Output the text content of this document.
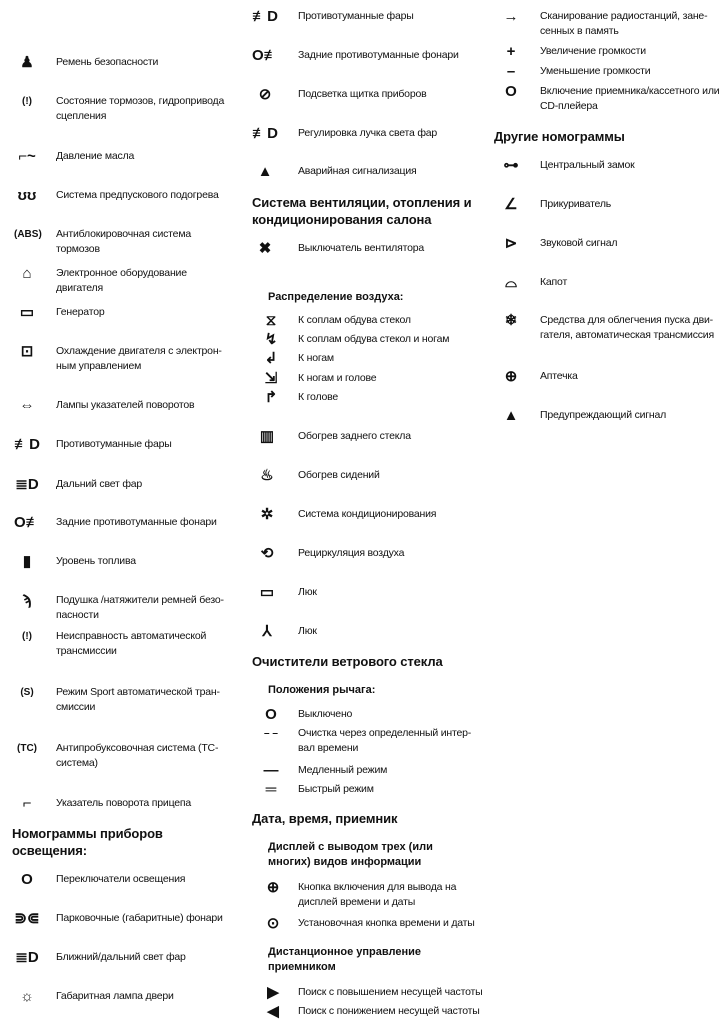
♟	Ремень безопасности
(!)	Состояние тормозов, гидропривода сцепления
⌐~	Давление масла
ʊʊ	Система предпускового подогрева
(ABS) Антиблокировочная система тормозов
⌂	Электронное оборудование двигателя
▭	Генератор
⊡	Охлаждение двигателя с электрон- ным управлением
⇔	Лампы указателей поворотов
≢D Противотуманные фары
≣D Дальний свет фар
O≢ Задние противотуманные фонари
▮	Уровень топлива
ϡ	Подушка /натяжители ремней безо- пасности
(!)	Неисправность автоматической трансмиссии
(S)	Режим Sport автоматической тран- смиссии
(TC) Антипробуксовочная система (TC- система)
⌐	Указатель поворота прицепа
Номограммы приборов освещения:
O	Переключатели освещения
⋑⋐ Парковочные (габаритные) фонари
≣D Ближний/дальний свет фар
☼	Габаритная лампа двери
≢D Противотуманные фары
O≢ Задние противотуманные фонари
⊘	Подсветка щитка приборов
≢D Регулировка лучка света фар
▲	Аварийная сигнализация
Система вентиляции, отопления и кондиционирования салона
✖	Выключатель вентилятора
Распределение воздуха:
⧖	К соплам обдува стекол
↯	К соплам обдува стекол и ногам
↲	К ногам
⇲	К ногам и голове
↱	К голове
▥	Обогрев заднего стекла
♨	Обогрев сидений
✲	Система кондиционирования
⟲	Рециркуляция воздуха
▭	Люк
⅄	Люк
Очистители ветрового стекла
Положения рычага:
O	Выключено
– –	Очистка через определенный интер- вал времени
—	Медленный режим
═	Быстрый режим
Дата, время, приемник
Дисплей с выводом трех (или многих) видов информации
⊕	Кнопка включения для вывода на дисплей времени и даты
⊙	Установочная кнопка времени и даты
Дистанционное управление приемником
▶	Поиск с повышением несущей частоты
◀	Поиск с понижением несущей частоты
→	Сканирование радиостанций, зане- сенных в память
+	Увеличение громкости
–	Уменьшение громкости
O	Включение приемника/кассетного или CD-плейера
Другие номограммы
⊶	Центральный замок
∠	Прикуриватель
⊳	Звуковой сигнал
⌓	Капот
❄	Средства для облегчения пуска дви- гателя, автоматическая трансмиссия
⊕	Аптечка
▲	Предупреждающий сигнал
